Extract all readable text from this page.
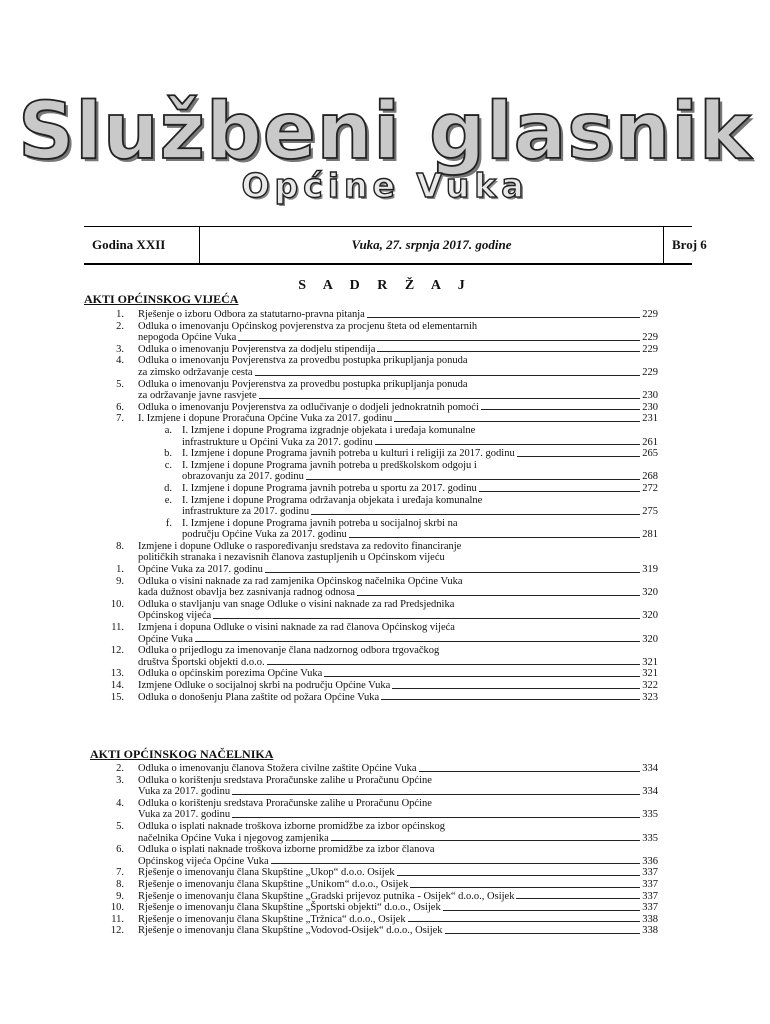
Službeni glasnik
Općine Vuka
Godina XXII	Vuka, 27. srpnja 2017. godine	Broj 6
S A D R Ž A J
AKTI OPĆINSKOG VIJEĆA
1. Rješenje o izboru Odbora za statutarno-pravna pitanja	229
2.	Odluka o imenovanju Općinskog povjerenstva za procjenu šteta od elementarnih
nepogoda Općine Vuka	229
3. Odluka o imenovanju Povjerenstva za dodjelu stipendija	229
4.	Odluka o imenovanju Povjerenstva za provedbu postupka prikupljanja ponuda
za zimsko održavanje cesta	229
5.	Odluka o imenovanju Povjerenstva za provedbu postupka prikupljanja ponuda
za održavanje javne rasvjete	230
6. Odluka o imenovanju Povjerenstva za odlučivanje o dodjeli jednokratnih pomoći	230
7. I. Izmjene i dopune Proračuna Općine Vuka za 2017. godinu	231
a. I. Izmjene i dopune Programa izgradnje objekata i uređaja komunalne
infrastrukture u Općini Vuka za 2017. godinu	261
b. I. Izmjene i dopune Programa javnih potreba u kulturi i religiji za 2017. godinu	265
c. I. Izmjene i dopune Programa javnih potreba u predškolskom odgoju i
obrazovanju za 2017. godinu	268
d. I. Izmjene i dopune Programa javnih potreba u sportu za 2017. godinu	272
e. I. Izmjene i dopune Programa održavanja objekata i uređaja komunalne
infrastrukture za 2017. godinu	275
f. I. Izmjene i dopune Programa javnih potreba u socijalnoj skrbi na
području Općine Vuka za 2017. godinu	281
8.	Izmjene i dopune Odluke o raspoređivanju sredstava za redovito financiranje
političkih stranaka i nezavisnih članova zastupljenih u Općinskom vijeću
1. Općine Vuka za 2017. godinu	319
9.	Odluka o visini naknade za rad zamjenika Općinskog načelnika Općine Vuka
kada dužnost obavlja bez zasnivanja radnog odnosa	320
10.	Odluka o stavljanju van snage Odluke o visini naknade za rad Predsjednika
Općinskog vijeća	320
11.	Izmjena i dopuna Odluke o visini naknade za rad članova Općinskog vijeća
Općine Vuka	320
12.	Odluka o prijedlogu za imenovanje člana nadzornog odbora trgovačkog
društva Športski objekti d.o.o.	321
13. Odluka o općinskim porezima Općine Vuka	321
14. Izmjene Odluke o socijalnoj skrbi na području Općine Vuka	322
15. Odluka o donošenju Plana zaštite od požara Općine Vuka	323
AKTI OPĆINSKOG NAČELNIKA
2. Odluka o imenovanju članova Stožera civilne zaštite Općine Vuka	334
3.	Odluka o korištenju sredstava Proračunske zalihe u Proračunu Općine
Vuka za 2017. godinu	334
4.	Odluka o korištenju sredstava Proračunske zalihe u Proračunu Općine
Vuka za 2017. godinu	335
5.	Odluka o isplati naknade troškova izborne promidžbe za izbor općinskog
načelnika Općine Vuka i njegovog zamjenika	335
6.	Odluka o isplati naknade troškova izborne promidžbe za izbor članova
Općinskog vijeća Općine Vuka	336
7. Rješenje o imenovanju člana Skupštine „Ukop“ d.o.o. Osijek	337
8. Rješenje o imenovanju člana Skupštine „Unikom“ d.o.o., Osijek	337
9. Rješenje o imenovanju člana Skupštine „Gradski prijevoz putnika - Osijek“ d.o.o., Osijek	337
10. Rješenje o imenovanju člana Skupštine „Športski objekti“ d.o.o., Osijek	337
11. Rješenje o imenovanju člana Skupštine „Tržnica“ d.o.o., Osijek	338
12. Rješenje o imenovanju člana Skupštine „Vodovod-Osijek“ d.o.o., Osijek	338
